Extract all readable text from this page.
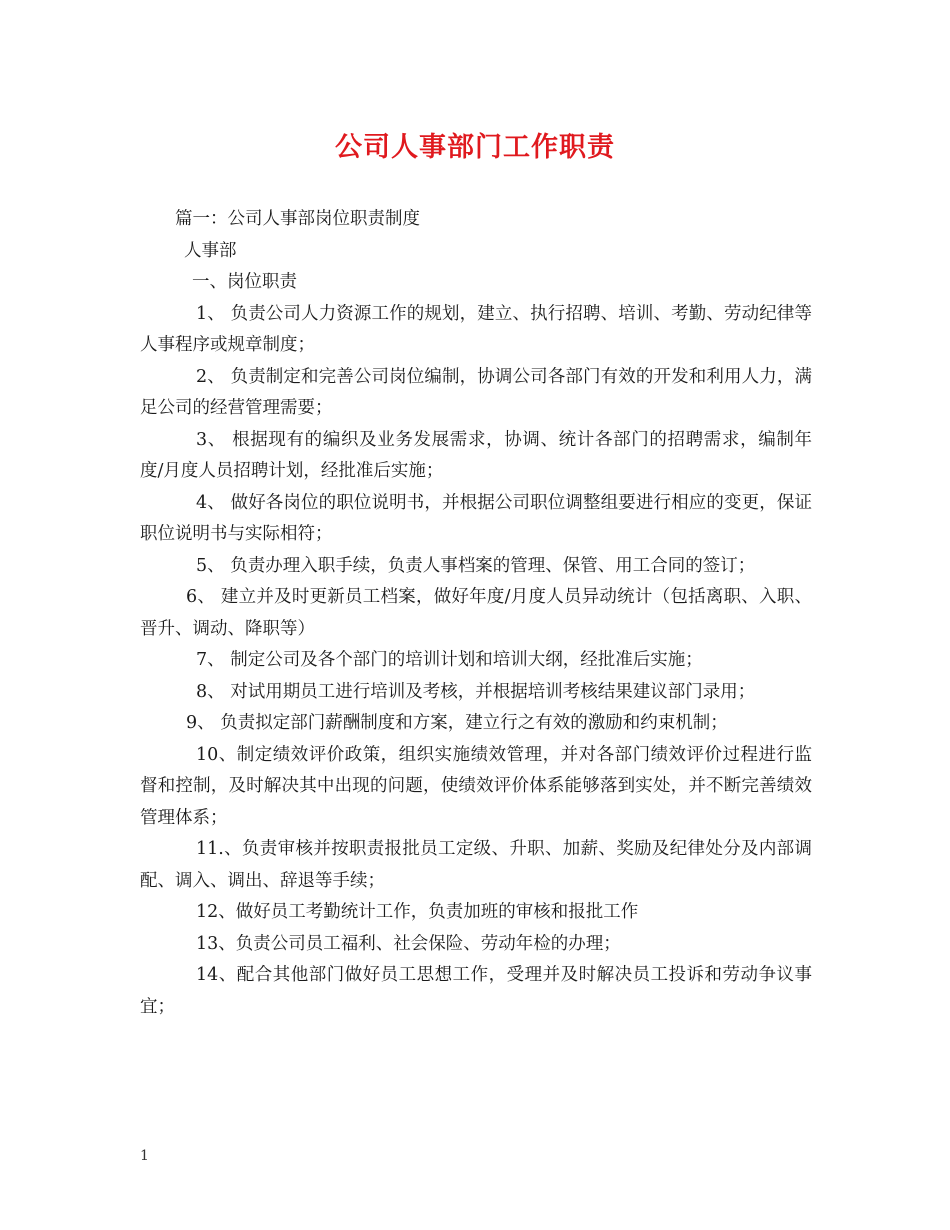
公司人事部门工作职责

篇一：公司人事部岗位职责制度

人事部

一、岗位职责

1、 负责公司人力资源工作的规划，建立、执行招聘、培训、考勤、劳动纪律等人事程序或规章制度；

2、 负责制定和完善公司岗位编制，协调公司各部门有效的开发和利用人力，满足公司的经营管理需要；

3、 根据现有的编织及业务发展需求，协调、统计各部门的招聘需求，编制年度/月度人员招聘计划，经批准后实施；

4、 做好各岗位的职位说明书，并根据公司职位调整组要进行相应的变更，保证职位说明书与实际相符；

5、 负责办理入职手续，负责人事档案的管理、保管、用工合同的签订；

6、 建立并及时更新员工档案，做好年度/月度人员异动统计（包括离职、入职、晋升、调动、降职等）

7、 制定公司及各个部门的培训计划和培训大纲，经批准后实施；

8、 对试用期员工进行培训及考核，并根据培训考核结果建议部门录用；

9、 负责拟定部门薪酬制度和方案，建立行之有效的激励和约束机制；

10、制定绩效评价政策，组织实施绩效管理，并对各部门绩效评价过程进行监督和控制，及时解决其中出现的问题，使绩效评价体系能够落到实处，并不断完善绩效管理体系；

11.、负责审核并按职责报批员工定级、升职、加薪、奖励及纪律处分及内部调配、调入、调出、辞退等手续；

12、做好员工考勤统计工作，负责加班的审核和报批工作

13、负责公司员工福利、社会保险、劳动年检的办理；

14、配合其他部门做好员工思想工作，受理并及时解决员工投诉和劳动争议事宜；

1
